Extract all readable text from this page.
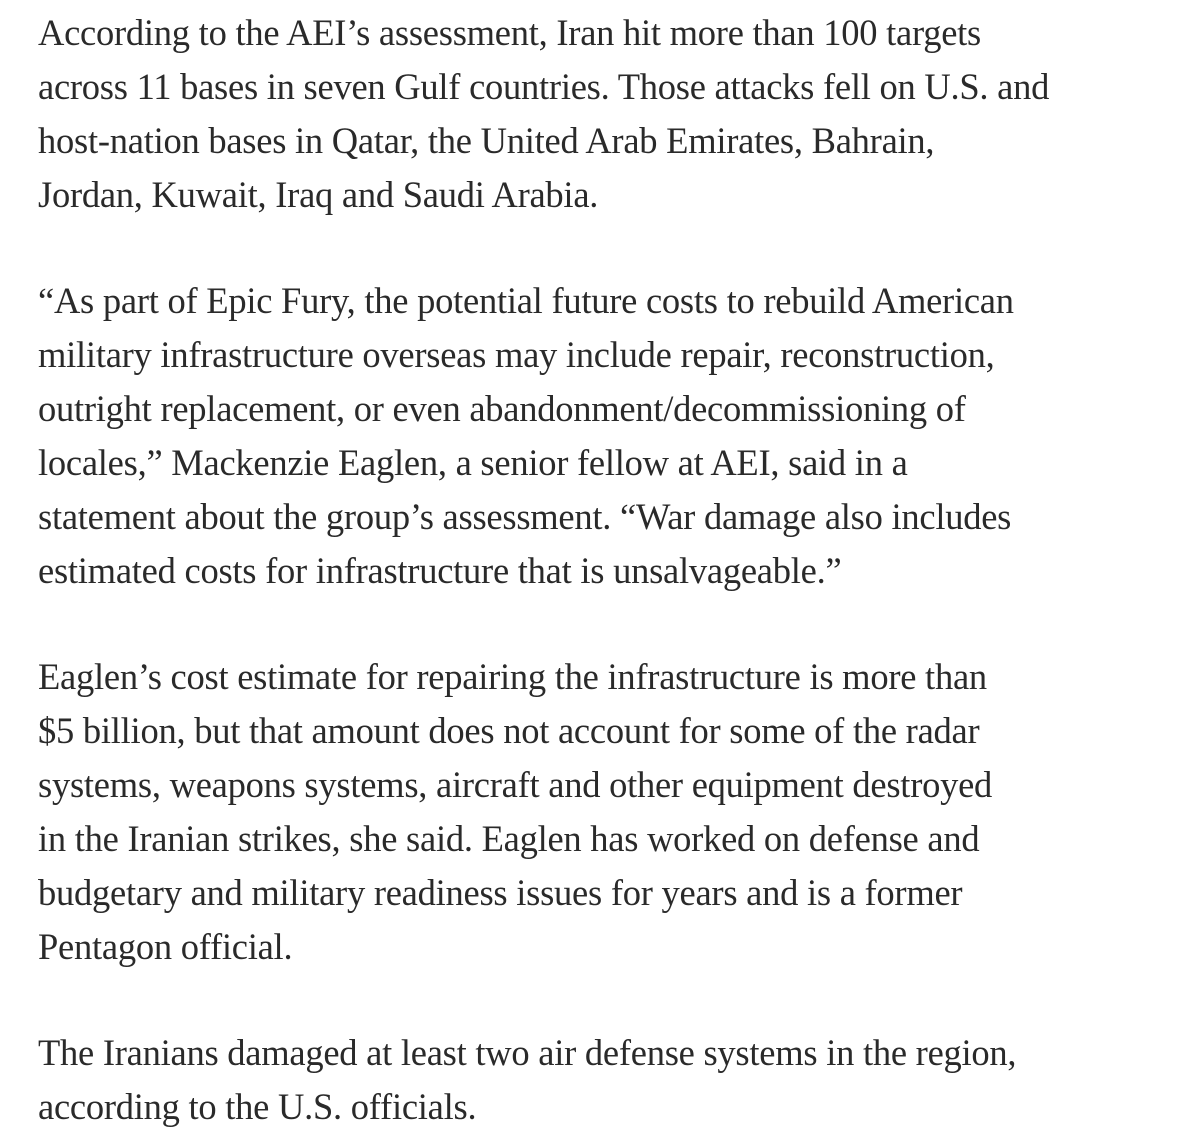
According to the AEI’s assessment, Iran hit more than 100 targets
across 11 bases in seven Gulf countries. Those attacks fell on U.S. and
host-nation bases in Qatar, the United Arab Emirates, Bahrain,
Jordan, Kuwait, Iraq and Saudi Arabia.

“As part of Epic Fury, the potential future costs to rebuild American
military infrastructure overseas may include repair, reconstruction,
outright replacement, or even abandonment/decommissioning of
locales,” Mackenzie Eaglen, a senior fellow at AEI, said in a
statement about the group’s assessment. “War damage also includes
estimated costs for infrastructure that is unsalvageable.”

Eaglen’s cost estimate for repairing the infrastructure is more than
$5 billion, but that amount does not account for some of the radar
systems, weapons systems, aircraft and other equipment destroyed
in the Iranian strikes, she said. Eaglen has worked on defense and
budgetary and military readiness issues for years and is a former
Pentagon official.

The Iranians damaged at least two air defense systems in the region,
according to the U.S. officials.
